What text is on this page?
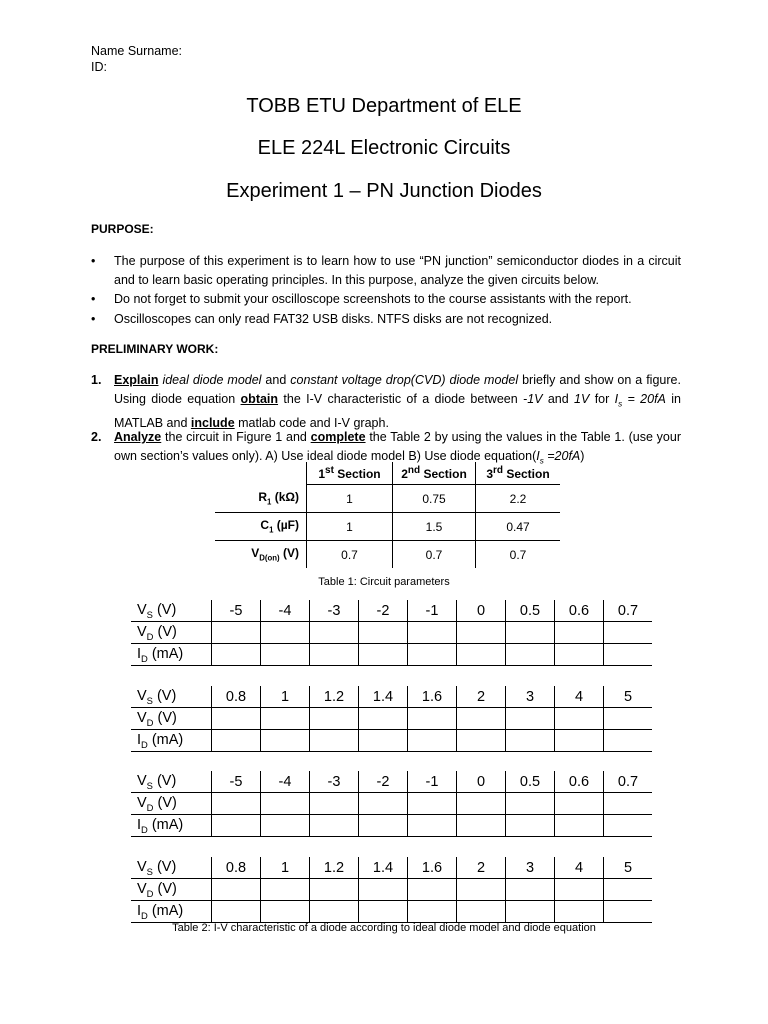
Name Surname:
ID:
TOBB ETU Department of ELE
ELE 224L Electronic Circuits
Experiment 1 – PN Junction Diodes
PURPOSE:
•	The purpose of this experiment is to learn how to use “PN junction” semiconductor diodes in a circuit and to learn basic operating principles. In this purpose, analyze the given circuits below.
•	Do not forget to submit your oscilloscope screenshots to the course assistants with the report.
•	Oscilloscopes can only read FAT32 USB disks. NTFS disks are not recognized.
PRELIMINARY WORK:
1. Explain ideal diode model and constant voltage drop(CVD) diode model briefly and show on a figure. Using diode equation obtain the I-V characteristic of a diode between -1V and 1V for $I_s = 20fA$ in MATLAB and include matlab code and I-V graph.
2. Analyze the circuit in Figure 1 and complete the Table 2 by using the values in the Table 1. (use your own section’s values only). A) Use ideal diode model B) Use diode $equation(I_s =20fA)$
	1st Section	2nd Section	3rd Section
$R_1$ (kΩ)	1	0.75	2.2
$C_1$ (µF)	1	1.5	0.47
$V_{D(on)}$ (V)	0.7	0.7	0.7
Table 1: Circuit parameters
$V_S$ (V)	-5	-4	-3	-2	-1	0	0.5	0.6	0.7
$V_D$ (V)									
$I_D$ (mA)									
$V_S$ (V)	0.8	1	1.2	1.4	1.6	2	3	4	5
$V_D$ (V)									
$I_D$ (mA)									
$V_S$ (V)	-5	-4	-3	-2	-1	0	0.5	0.6	0.7
$V_D$ (V)									
$I_D$ (mA)									
$V_S$ (V)	0.8	1	1.2	1.4	1.6	2	3	4	5
$V_D$ (V)									
$I_D$ (mA)									
Table 2: I-V characteristic of a diode according to ideal diode model and diode equation
